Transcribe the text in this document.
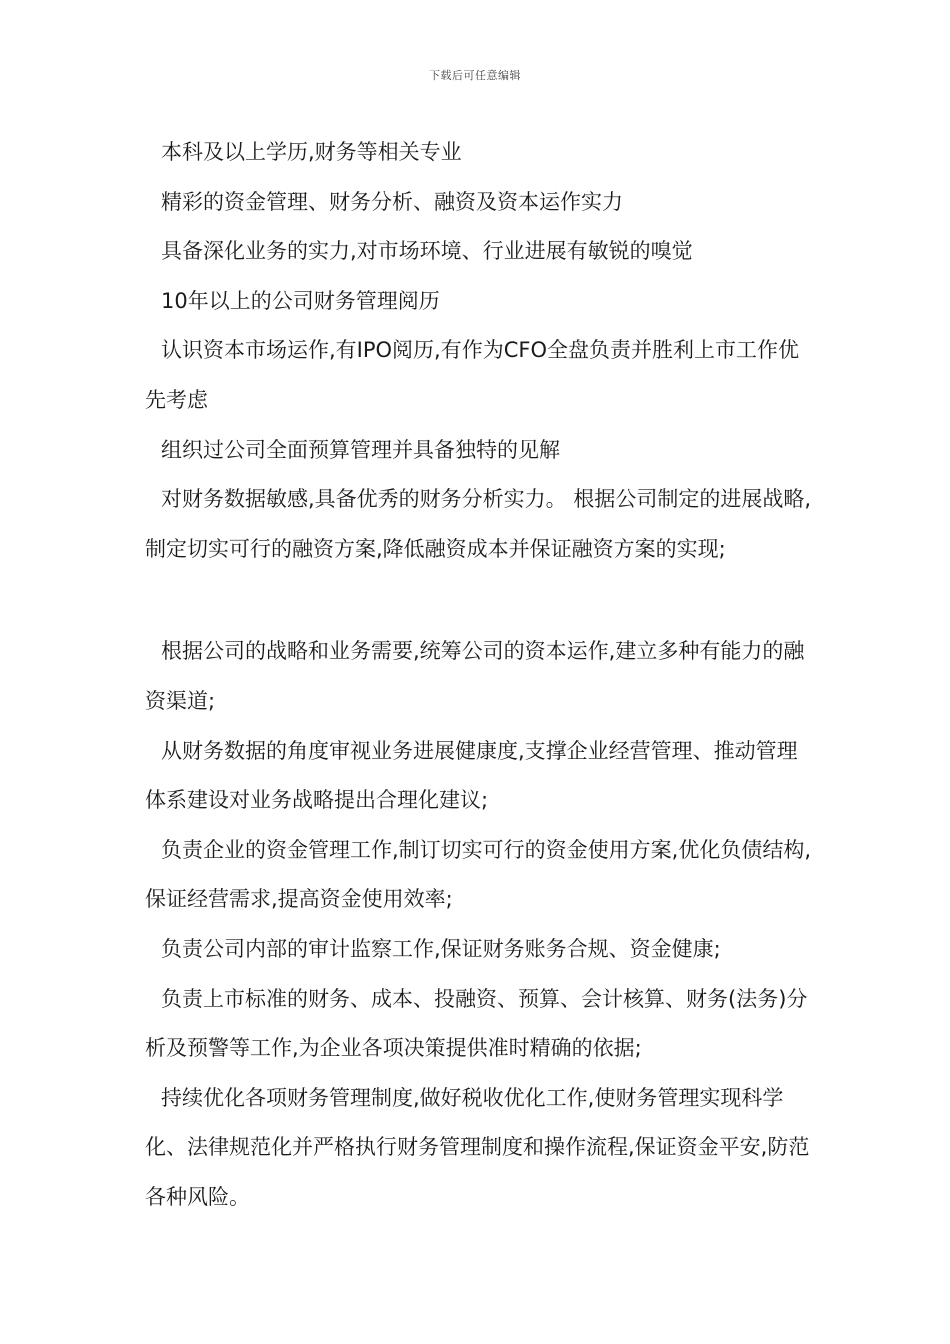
下载后可任意编辑

本科及以上学历,财务等相关专业

精彩的资金管理、财务分析、融资及资本运作实力

具备深化业务的实力,对市场环境、行业进展有敏锐的嗅觉

10年以上的公司财务管理阅历

认识资本市场运作,有IPO阅历,有作为CFO全盘负责并胜利上市工作优先考虑

组织过公司全面预算管理并具备独特的见解

对财务数据敏感,具备优秀的财务分析实力。 根据公司制定的进展战略,制定切实可行的融资方案,降低融资成本并保证融资方案的实现;

根据公司的战略和业务需要,统筹公司的资本运作,建立多种有能力的融资渠道;

从财务数据的角度审视业务进展健康度,支撑企业经营管理、推动管理体系建设对业务战略提出合理化建议;

负责企业的资金管理工作,制订切实可行的资金使用方案,优化负债结构,保证经营需求,提高资金使用效率;

负责公司内部的审计监察工作,保证财务账务合规、资金健康;

负责上市标准的财务、成本、投融资、预算、会计核算、财务(法务)分析及预警等工作,为企业各项决策提供准时精确的依据;

持续优化各项财务管理制度,做好税收优化工作,使财务管理实现科学化、法律规范化并严格执行财务管理制度和操作流程,保证资金平安,防范各种风险。
